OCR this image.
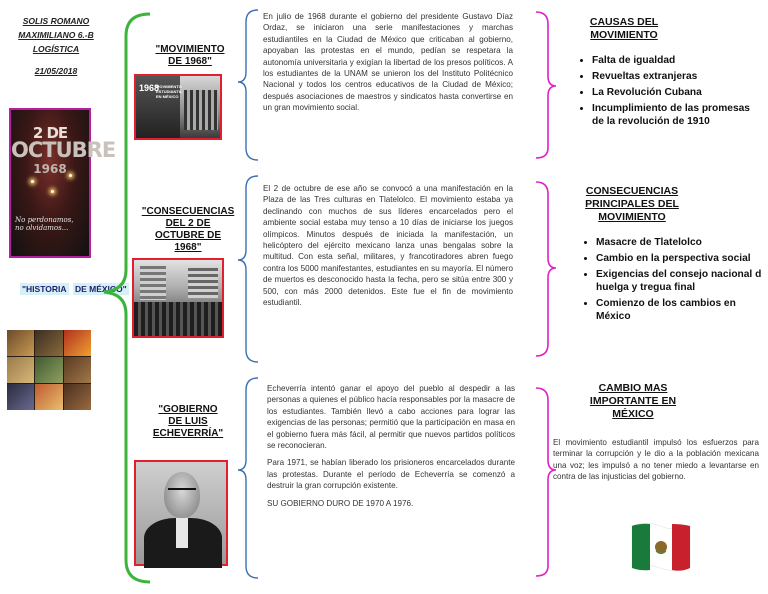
SOLIS ROMANO
MAXIMILIANO 6.-B
LOGÍSTICA
21/05/2018
2 DE
OCTUBRE
1968
No perdonamos,
no olvidamos...
"HISTORIA DE MÉXICO"
"MOVIMIENTO
DE 1968"
1968
MOVIMIENTO
ESTUDIANTIL
EN MÉXICO
En julio de 1968 durante el gobierno del presidente Gustavo Díaz Ordaz, se iniciaron una serie manifestaciones y marchas estudiantiles en la Ciudad de México que criticaban al gobierno, apoyaban las protestas en el mundo, pedían se respetara la autonomía universitaria y exigían la libertad de los presos políticos. A los estudiantes de la UNAM se unieron los del Instituto Politécnico Nacional y todos los centros educativos de la Ciudad de México; después asociaciones de maestros y sindicatos hasta convertirse en un gran movimiento social.
"CONSECUENCIAS
DEL 2 DE
OCTUBRE DE
1968"
El 2 de octubre de ese año se convocó a una manifestación en la Plaza de las Tres culturas en Tlatelolco. El movimiento estaba ya declinando con muchos de sus líderes encarcelados pero el ambiente social estaba muy tenso a 10 días de iniciarse los juegos olímpicos. Minutos después de iniciada la manifestación, un helicóptero del ejército mexicano lanza unas bengalas sobre la multitud. Con esta señal, militares, y francotiradores abren fuego contra los 5000 manifestantes, estudiantes en su mayoría. El número de muertos es desconocido hasta la fecha, pero se sitúa entre 300 y 500, con más 2000 detenidos. Este fue el fin de movimiento estudiantil.
"GOBIERNO
DE LUIS
ECHEVERRÍA"

Echeverría intentó ganar el apoyo del pueblo al despedir a las personas a quienes el público hacía responsables por la masacre de los estudiantes. También llevó a cabo acciones para lograr las exigencias de las personas; permitió que la participación en masa en el gobierno fuera más fácil, al permitir que nuevos partidos políticos se reconocieran.

Para 1971, se habían liberado los prisioneros encarcelados durante las protestas. Durante el período de Echeverría se comenzó a destruir la gran corrupción existente.

SU GOBIERNO DURO DE 1970 A 1976.

CAUSAS DEL
MOVIMIENTO
• Falta de igualdad
• Revueltas extranjeras
• La Revolución Cubana
• Incumplimiento de las promesas de la revolución de 1910
CONSECUENCIAS
PRINCIPALES DEL
MOVIMIENTO
• Masacre de Tlatelolco
• Cambio en la perspectiva social
• Exigencias del consejo nacional d huelga y tregua final
• Comienzo de los cambios en México
CAMBIO MAS
IMPORTANTE EN
MÉXICO
El movimiento estudiantil impulsó los esfuerzos para terminar la corrupción y le dio a la población mexicana una voz; les impulsó a no tener miedo a levantarse en contra de las injusticias del gobierno.
